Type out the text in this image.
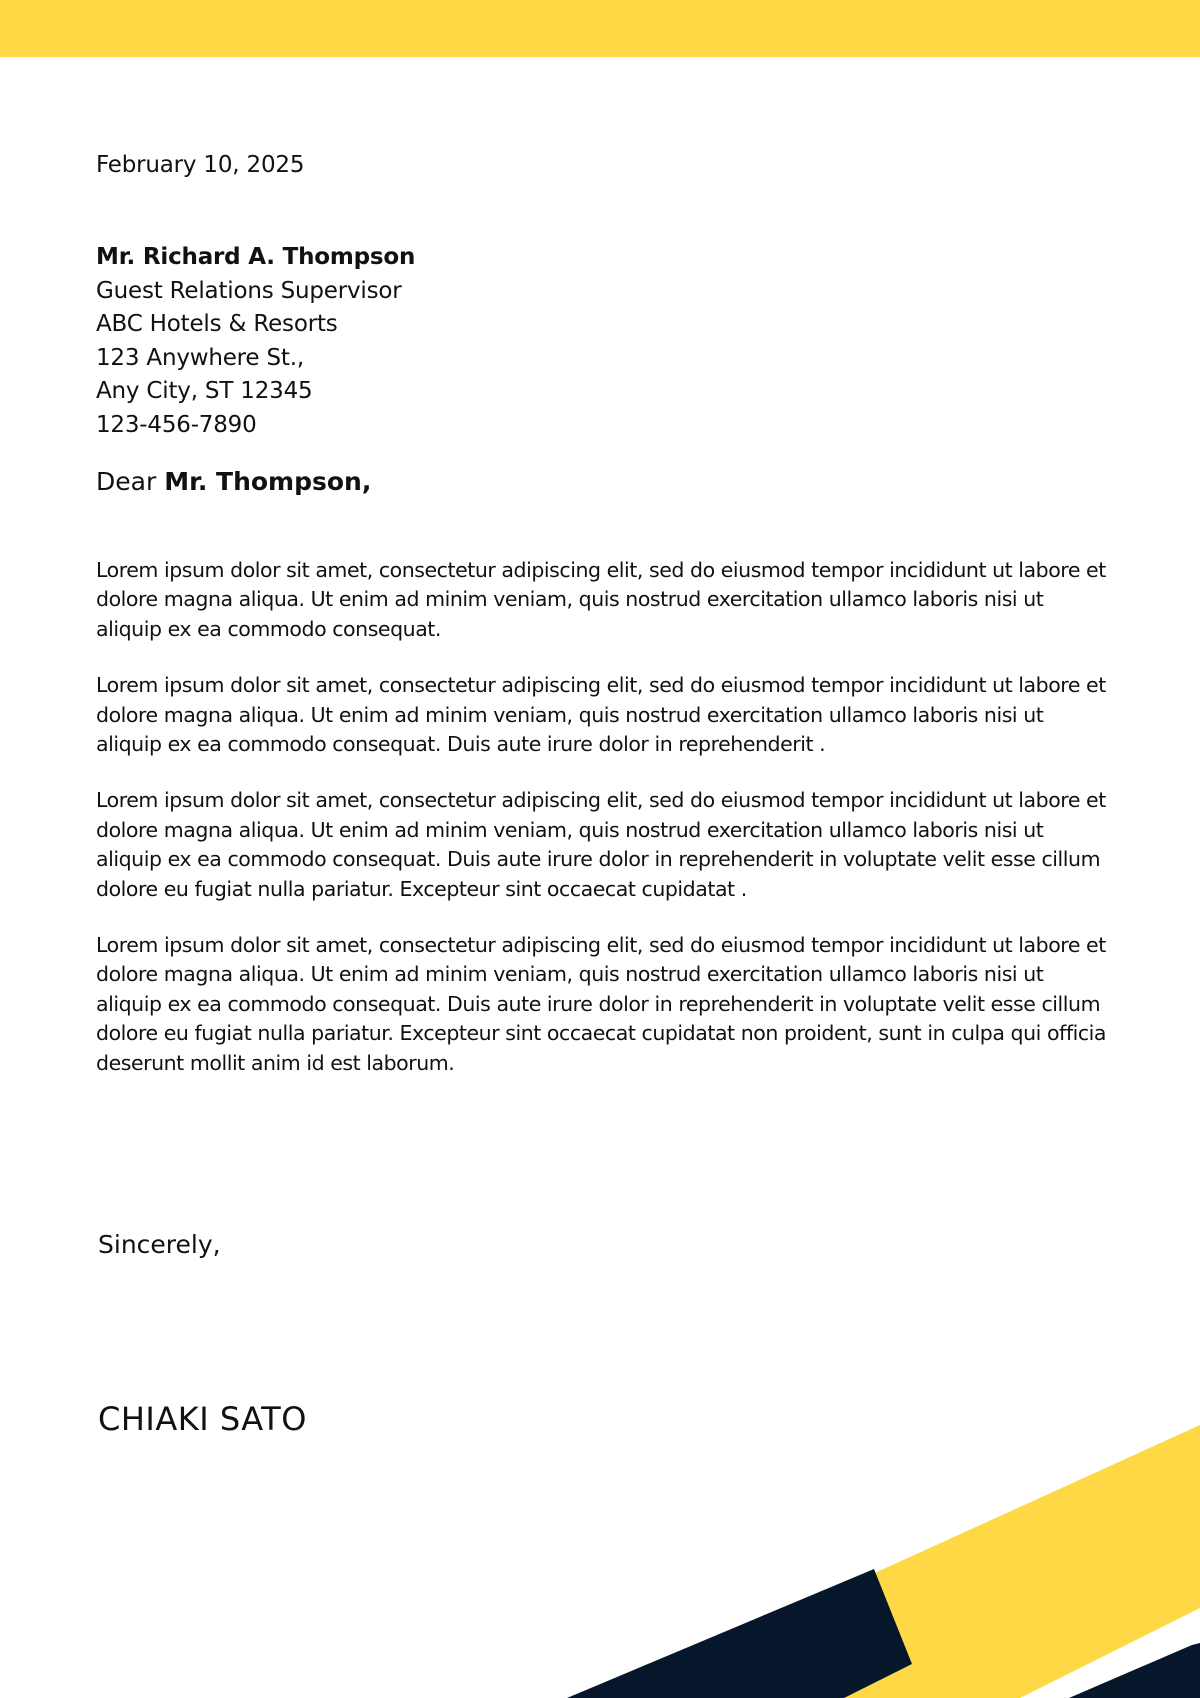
February 10, 2025
Mr. Richard A. Thompson
Guest Relations Supervisor
ABC Hotels & Resorts
123 Anywhere St.,
Any City, ST 12345
123-456-7890
Dear Mr. Thompson,

Lorem ipsum dolor sit amet, consectetur adipiscing elit, sed do eiusmod tempor incididunt ut labore et dolore magna aliqua. Ut enim ad minim veniam, quis nostrud exercitation ullamco laboris nisi ut aliquip ex ea commodo consequat.

Lorem ipsum dolor sit amet, consectetur adipiscing elit, sed do eiusmod tempor incididunt ut labore et dolore magna aliqua. Ut enim ad minim veniam, quis nostrud exercitation ullamco laboris nisi ut aliquip ex ea commodo consequat. Duis aute irure dolor in reprehenderit .

Lorem ipsum dolor sit amet, consectetur adipiscing elit, sed do eiusmod tempor incididunt ut labore et dolore magna aliqua. Ut enim ad minim veniam, quis nostrud exercitation ullamco laboris nisi ut aliquip ex ea commodo consequat. Duis aute irure dolor in reprehenderit in voluptate velit esse cillum dolore eu fugiat nulla pariatur. Excepteur sint occaecat cupidatat .

Lorem ipsum dolor sit amet, consectetur adipiscing elit, sed do eiusmod tempor incididunt ut labore et dolore magna aliqua. Ut enim ad minim veniam, quis nostrud exercitation ullamco laboris nisi ut aliquip ex ea commodo consequat. Duis aute irure dolor in reprehenderit in voluptate velit esse cillum dolore eu fugiat nulla pariatur. Excepteur sint occaecat cupidatat non proident, sunt in culpa qui officia deserunt mollit anim id est laborum.

Sincerely,
CHIAKI SATO
